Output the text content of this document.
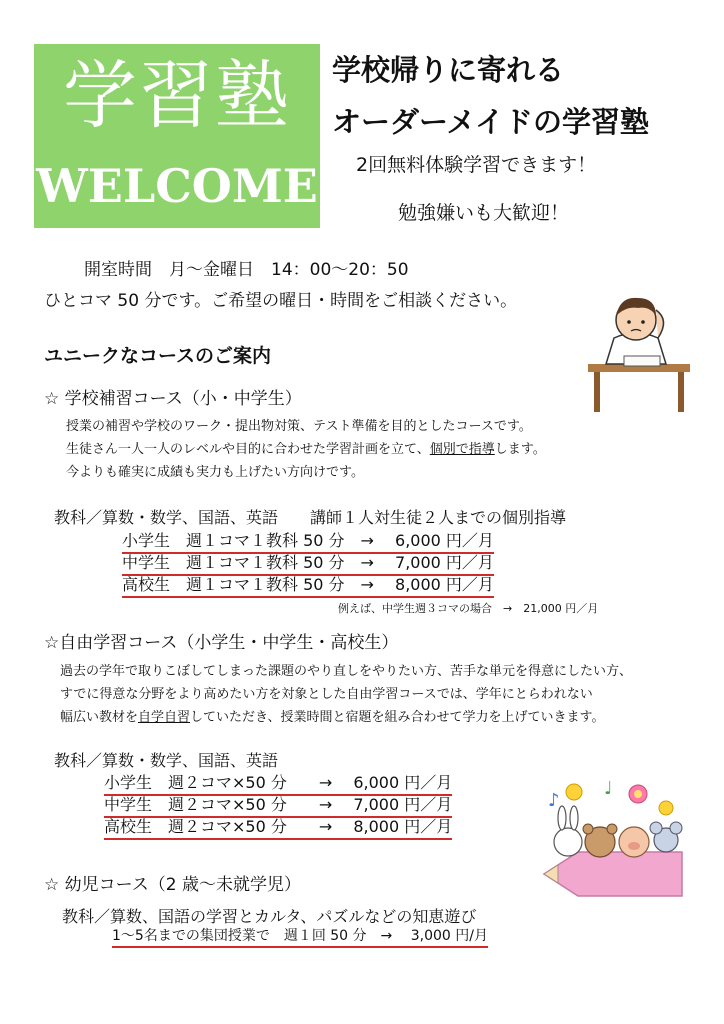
学習塾
WELCOME
学校帰りに寄れる
オーダーメイドの学習塾
2回無料体験学習できます！
勉強嫌いも大歓迎！
開室時間　月～金曜日　14：00～20：50
ひとコマ 50 分です。ご希望の曜日・時間をご相談ください。
ユニークなコースのご案内
☆ 学校補習コース（小・中学生）
授業の補習や学校のワーク・提出物対策、テスト準備を目的としたコースです。
生徒さん一人一人のレベルや目的に合わせた学習計画を立て、個別で指導します。
今よりも確実に成績も実力も上げたい方向けです。
教科／算数・数学、国語、英語　　講師１人対生徒２人までの個別指導
小学生　週１コマ１教科 50 分　→　 6,000 円／月
中学生　週１コマ１教科 50 分　→　 7,000 円／月
高校生　週１コマ１教科 50 分　→　 8,000 円／月
例えば、中学生週３コマの場合　→　21,000 円／月
☆自由学習コース（小学生・中学生・高校生）
過去の学年で取りこぼしてしまった課題のやり直しをやりたい方、苦手な単元を得意にしたい方、
すでに得意な分野をより高めたい方を対象とした自由学習コースでは、学年にとらわれない
幅広い教材を自学自習していただき、授業時間と宿題を組み合わせて学力を上げていきます。
教科／算数・数学、国語、英語
小学生　週２コマ×50 分　　→　 6,000 円／月
中学生　週２コマ×50 分　　→　 7,000 円／月
高校生　週２コマ×50 分　　→　 8,000 円／月
♪
♩
☆ 幼児コース（2 歳～未就学児）
教科／算数、国語の学習とカルタ、パズルなどの知恵遊び
1～5名までの集団授業で　週１回 50 分　→　 3,000 円/月
